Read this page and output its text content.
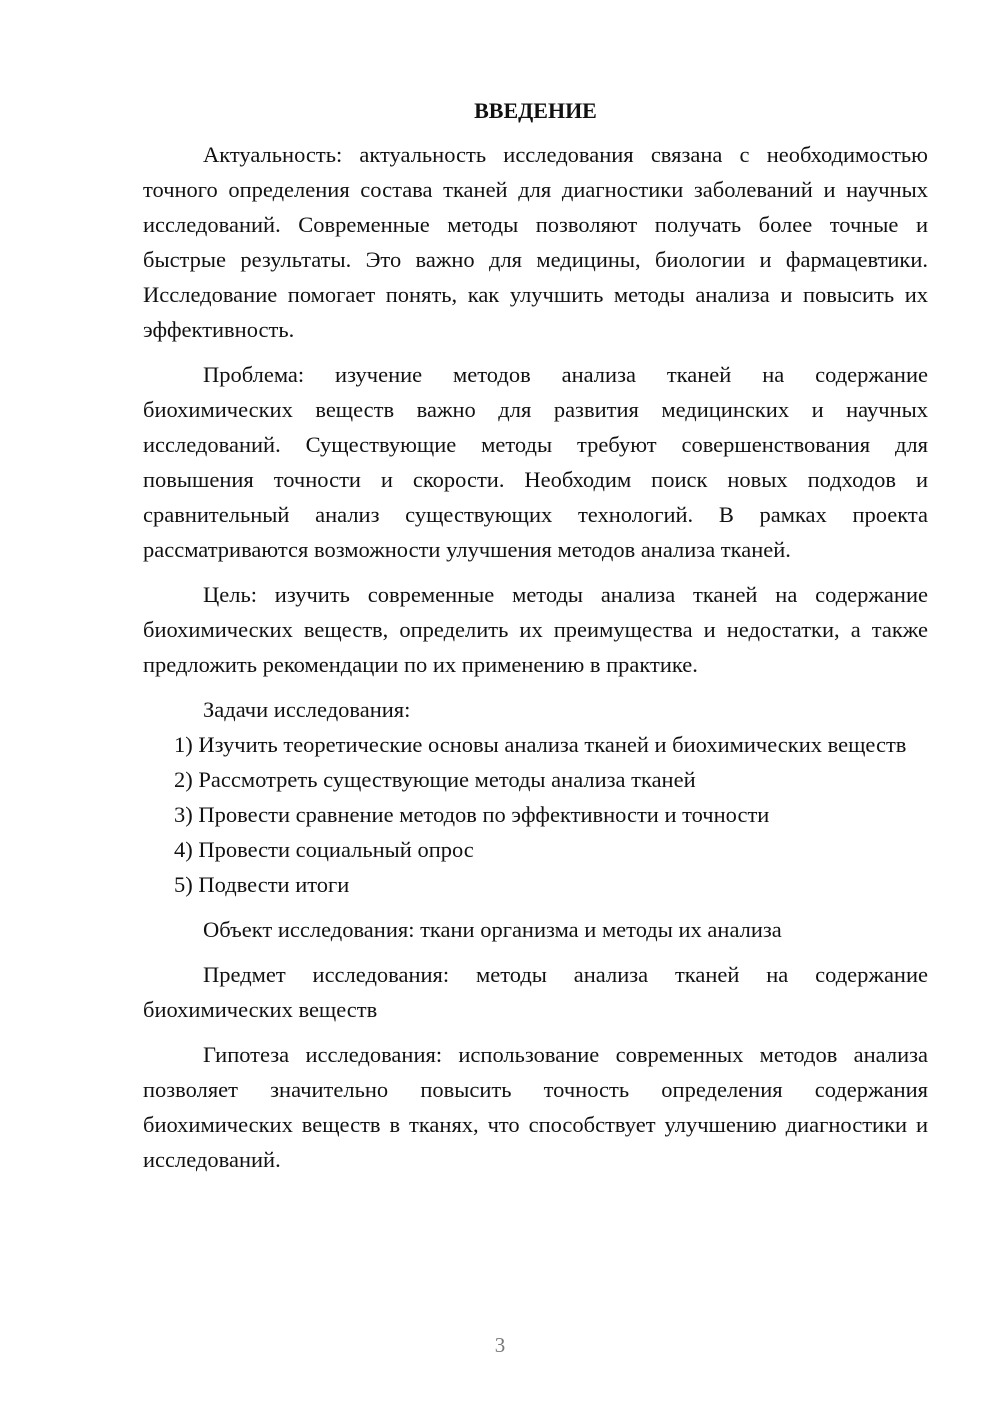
ВВЕДЕНИЕ

Актуальность: актуальность исследования связана с необходимостью точного определения состава тканей для диагностики заболеваний и научных исследований. Современные методы позволяют получать более точные и быстрые результаты. Это важно для медицины, биологии и фармацевтики. Исследование помогает понять, как улучшить методы анализа и повысить их эффективность.

Проблема: изучение методов анализа тканей на содержание биохимических веществ важно для развития медицинских и научных исследований. Существующие методы требуют совершенствования для повышения точности и скорости. Необходим поиск новых подходов и сравнительный анализ существующих технологий. В рамках проекта рассматриваются возможности улучшения методов анализа тканей.

Цель: изучить современные методы анализа тканей на содержание биохимических веществ, определить их преимущества и недостатки, а также предложить рекомендации по их применению в практике.

Задачи исследования:

1) Изучить теоретические основы анализа тканей и биохимических веществ
2) Рассмотреть существующие методы анализа тканей
3) Провести сравнение методов по эффективности и точности
4) Провести социальный опрос
5) Подвести итоги

Объект исследования: ткани организма и методы их анализа

Предмет исследования: методы анализа тканей на содержание биохимических веществ

Гипотеза исследования: использование современных методов анализа позволяет значительно повысить точность определения содержания биохимических веществ в тканях, что способствует улучшению диагностики и исследований.

3
